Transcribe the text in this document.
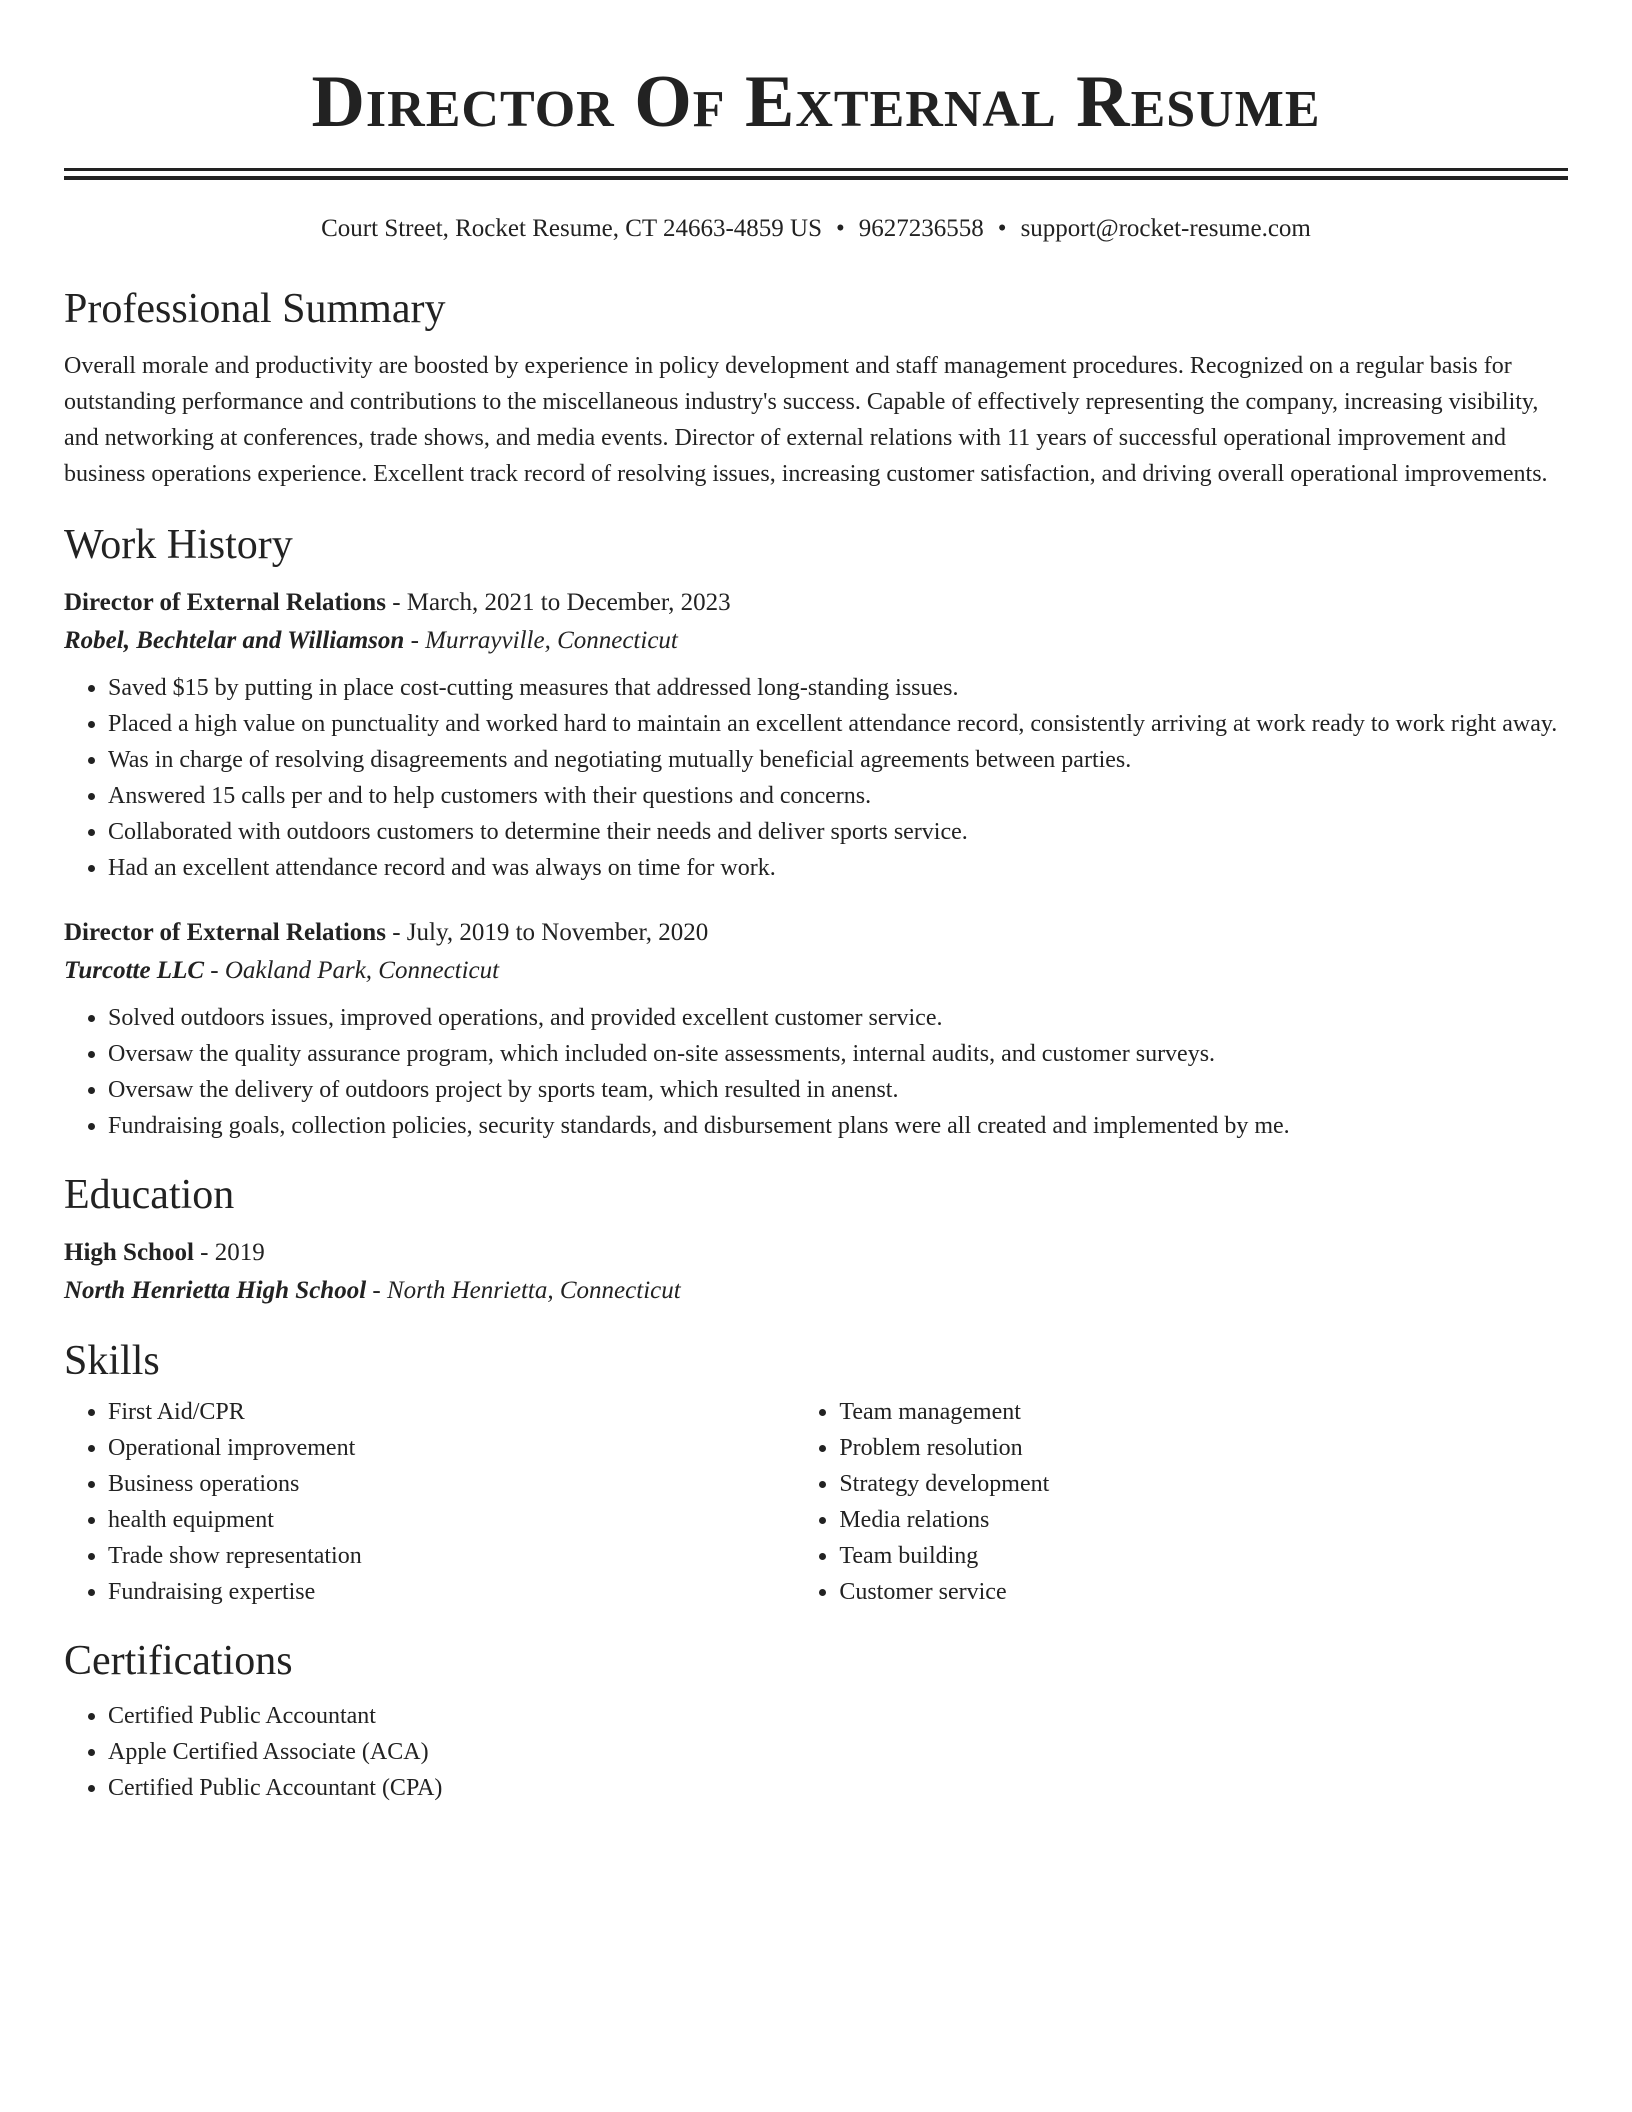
Director Of External Resume
Court Street, Rocket Resume, CT 24663-4859 US • 9627236558 • support@rocket-resume.com
Professional Summary

Overall morale and productivity are boosted by experience in policy development and staff management procedures. Recognized on a regular basis for outstanding performance and contributions to the miscellaneous industry's success. Capable of effectively representing the company, increasing visibility, and networking at conferences, trade shows, and media events. Director of external relations with 11 years of successful operational improvement and business operations experience. Excellent track record of resolving issues, increasing customer satisfaction, and driving overall operational improvements.

Work History
Director of External Relations - March, 2021 to December, 2023
Robel, Bechtelar and Williamson - Murrayville, Connecticut
• Saved $15 by putting in place cost-cutting measures that addressed long-standing issues.
• Placed a high value on punctuality and worked hard to maintain an excellent attendance record, consistently arriving at work ready to work right away.
• Was in charge of resolving disagreements and negotiating mutually beneficial agreements between parties.
• Answered 15 calls per and to help customers with their questions and concerns.
• Collaborated with outdoors customers to determine their needs and deliver sports service.
• Had an excellent attendance record and was always on time for work.
Director of External Relations - July, 2019 to November, 2020
Turcotte LLC - Oakland Park, Connecticut
• Solved outdoors issues, improved operations, and provided excellent customer service.
• Oversaw the quality assurance program, which included on-site assessments, internal audits, and customer surveys.
• Oversaw the delivery of outdoors project by sports team, which resulted in anenst.
• Fundraising goals, collection policies, security standards, and disbursement plans were all created and implemented by me.
Education
High School - 2019
North Henrietta High School - North Henrietta, Connecticut
Skills
• First Aid/CPR
• Operational improvement
• Business operations
• health equipment
• Trade show representation
• Fundraising expertise
• Team management
• Problem resolution
• Strategy development
• Media relations
• Team building
• Customer service
Certifications
• Certified Public Accountant
• Apple Certified Associate (ACA)
• Certified Public Accountant (CPA)
